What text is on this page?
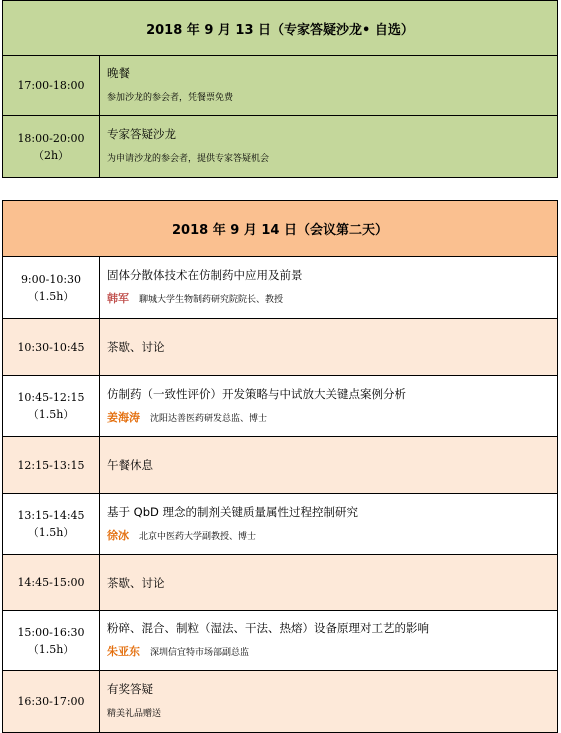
2018 年 9 月 13 日（专家答疑沙龙• 自选）	
17:00-18:00	晚餐
参加沙龙的参会者，凭餐票免费

18:00-20:00
（2h）	专家答疑沙龙
为申请沙龙的参会者，提供专家答疑机会
2018 年 9 月 14 日（会议第二天）	
9:00-10:30
（1.5h）	固体分散体技术在仿制药中应用及前景
韩军 聊城大学生物制药研究院院长、教授

10:30-10:45	茶歇、讨论

10:45-12:15
（1.5h）	仿制药（一致性评价）开发策略与中试放大关键点案例分析
姜海涛 沈阳达善医药研发总监、博士

12:15-13:15	午餐休息

13:15-14:45
（1.5h）	基于 QbD 理念的制剂关键质量属性过程控制研究
徐冰 北京中医药大学副教授、博士

14:45-15:00	茶歇、讨论

15:00-16:30
（1.5h）	粉碎、混合、制粒（湿法、干法、热熔）设备原理对工艺的影响
朱亚东 深圳信宜特市场部副总监

16:30-17:00	有奖答疑
精美礼品赠送
